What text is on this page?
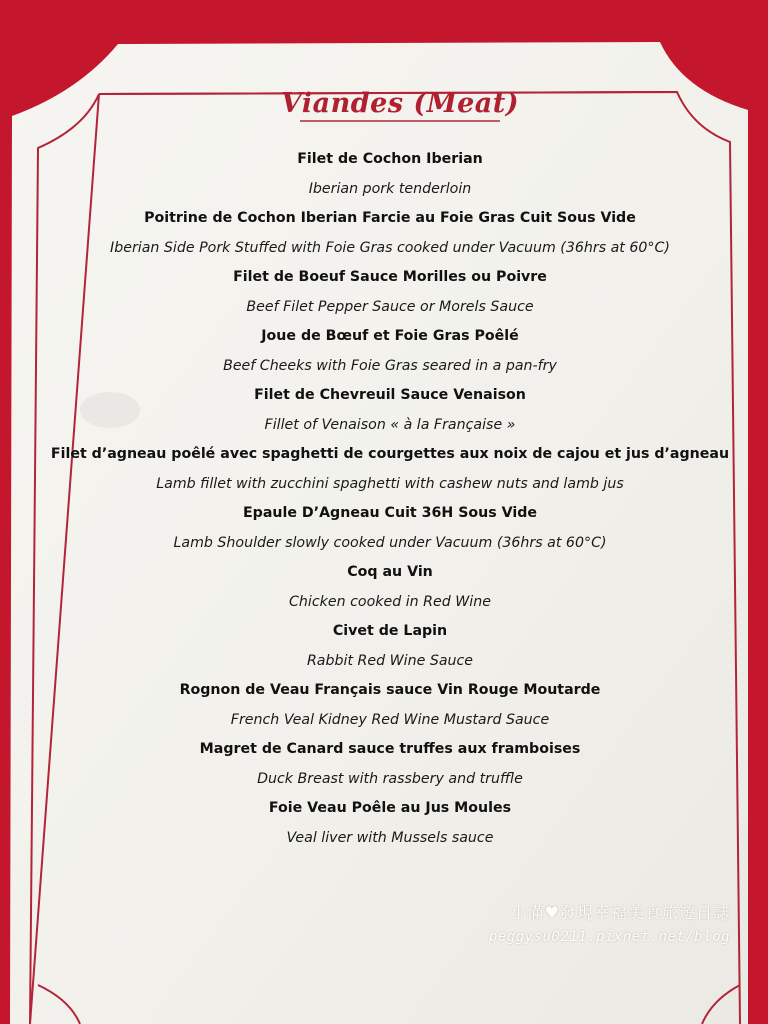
Viandes (Meat)
Filet de Cochon Iberian
Iberian pork tenderloin
Poitrine de Cochon Iberian Farcie au Foie Gras Cuit Sous Vide
Iberian Side Pork Stuffed with Foie Gras cooked under Vacuum (36hrs at 60°C)
Filet de Boeuf Sauce Morilles ou Poivre
Beef Filet Pepper Sauce or Morels Sauce
Joue de Bœuf et Foie Gras Poêlé
Beef Cheeks with Foie Gras seared in a pan-fry
Filet de Chevreuil Sauce Venaison
Fillet of Venaison « à la Française »
Filet d’agneau poêlé avec spaghetti de courgettes aux noix de cajou et jus d’agneau
Lamb fillet with zucchini spaghetti with cashew nuts and lamb jus
Epaule D’Agneau Cuit 36H Sous Vide
Lamb Shoulder slowly cooked under Vacuum (36hrs at 60°C)
Coq au Vin
Chicken cooked in Red Wine
Civet de Lapin
Rabbit Red Wine Sauce
Rognon de Veau Français sauce Vin Rouge Moutarde
French Veal Kidney Red Wine Mustard Sauce
Magret de Canard sauce truffes aux framboises
Duck Breast with rassbery and truffle
Foie Veau Poêle au Jus Moules
Veal liver with Mussels sauce
小滿♥發現幸福美食旅遊日誌
peggysu0211.pixnet.net/blog
